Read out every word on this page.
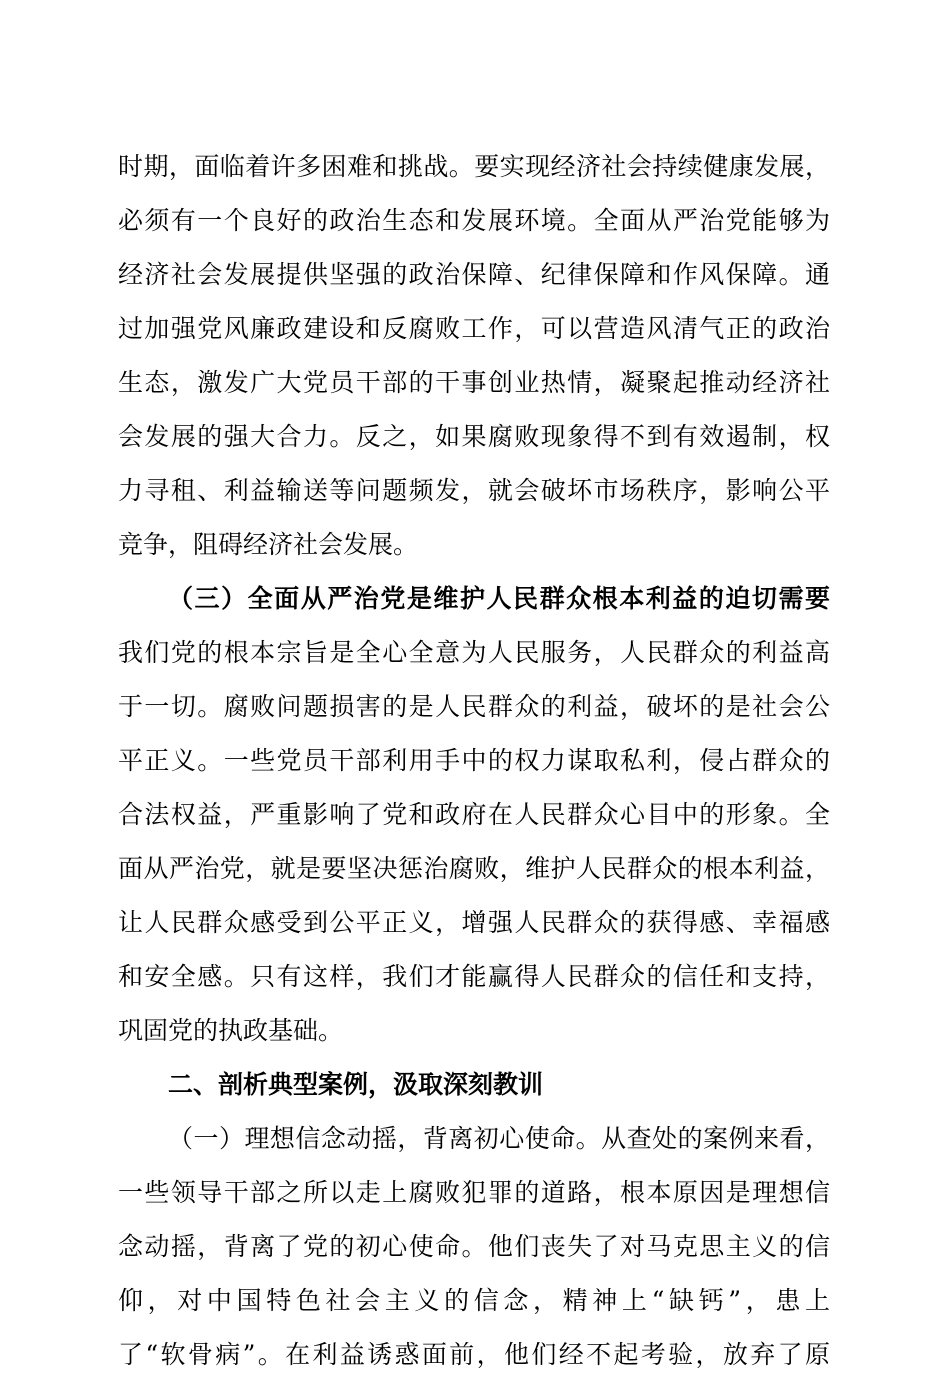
时期，面临着许多困难和挑战。要实现经济社会持续健康发展，
必须有一个良好的政治生态和发展环境。全面从严治党能够为
经济社会发展提供坚强的政治保障、纪律保障和作风保障。通
过加强党风廉政建设和反腐败工作，可以营造风清气正的政治
生态，激发广大党员干部的干事创业热情，凝聚起推动经济社
会发展的强大合力。反之，如果腐败现象得不到有效遏制，权
力寻租、利益输送等问题频发，就会破坏市场秩序，影响公平
竞争，阻碍经济社会发展。
（三）全面从严治党是维护人民群众根本利益的迫切需要
我们党的根本宗旨是全心全意为人民服务，人民群众的利益高
于一切。腐败问题损害的是人民群众的利益，破坏的是社会公
平正义。一些党员干部利用手中的权力谋取私利，侵占群众的
合法权益，严重影响了党和政府在人民群众心目中的形象。全
面从严治党，就是要坚决惩治腐败，维护人民群众的根本利益，
让人民群众感受到公平正义，增强人民群众的获得感、幸福感
和安全感。只有这样，我们才能赢得人民群众的信任和支持，
巩固党的执政基础。
二、剖析典型案例，汲取深刻教训
（一）理想信念动摇，背离初心使命。从查处的案例来看，
一些领导干部之所以走上腐败犯罪的道路，根本原因是理想信
念动摇，背离了党的初心使命。他们丧失了对马克思主义的信
仰，对中国特色社会主义的信念，精神上“缺钙”，患上
了“软骨病”。在利益诱惑面前，他们经不起考验，放弃了原
